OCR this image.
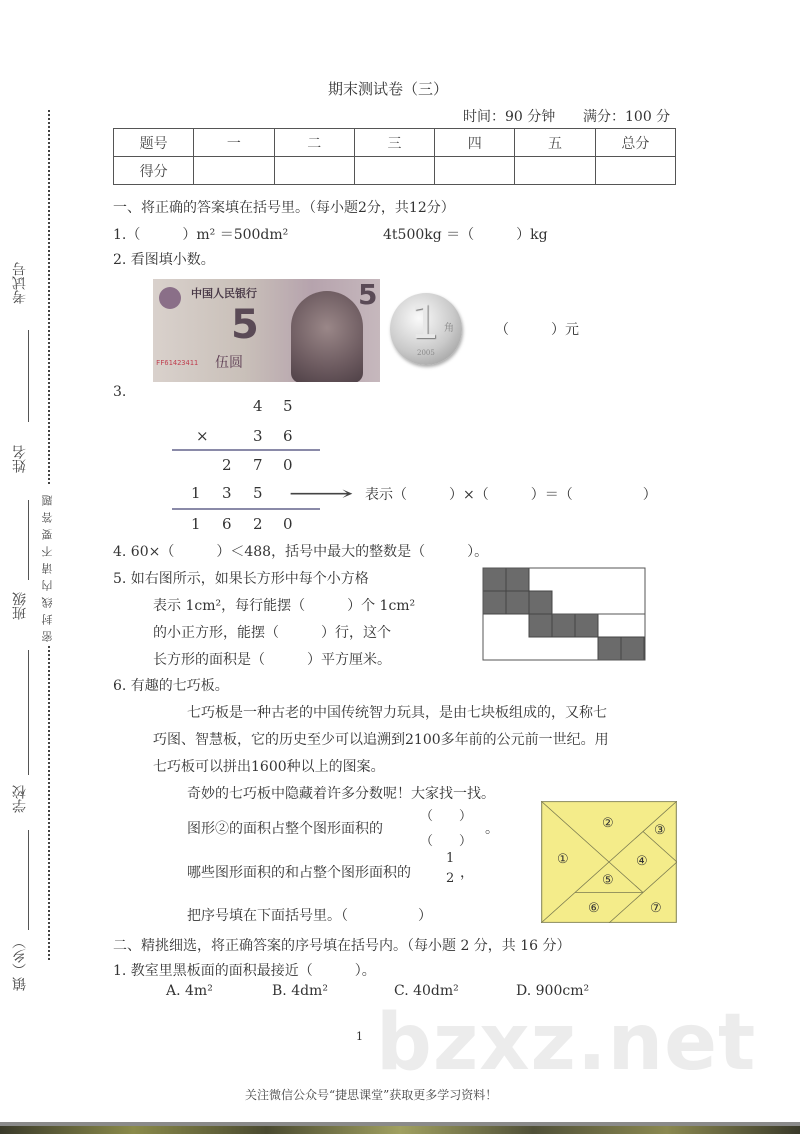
考试号
姓名
班级
学校
镇（乡）
密封线内请不要答题
期末测试卷（三）
时间：90 分钟 满分：100 分
题号	一	二	三	四	五	总分
得分						
一、将正确的答案填在括号里。（每小题2分，共12分）
1.（　　　）m² ＝500dm²	4t500kg ＝（　　　）kg
2. 看图填小数。
中国人民银行
5
5
伍圆
FF61423411
1 角
2005
（　　　）元
3.
4 5
×	3 6
2 7 0
1 3 5 ⟶ 表示（　　　）×（　　　）＝（　　　　　）
1 6 2 0
4. 60×（　　　）＜488，括号中最大的整数是（　　　）。
5. 如右图所示，如果长方形中每个小方格
表示 1cm²，每行能摆（　　　）个 1cm²
的小正方形，能摆（　　　）行，这个
长方形的面积是（　　　）平方厘米。
6. 有趣的七巧板。
七巧板是一种古老的中国传统智力玩具，是由七块板组成的，又称七
巧图、智慧板，它的历史至少可以追溯到2100多年前的公元前一世纪。用
七巧板可以拼出1600种以上的图案。
奇妙的七巧板中隐藏着许多分数呢！大家找一找。
图形②的面积占整个图形面积的
（　　）
（　　）
。
哪些图形面积的和占整个图形面积的
1
2 ，
把序号填在下面括号里。（　　　　　）
①
②	③
④
⑤
⑥	⑦
二、精挑细选，将正确答案的序号填在括号内。（每小题 2 分，共 16 分）
1. 教室里黑板面的面积最接近（　　　）。
A. 4m²	B. 4dm²	C. 40dm²	D. 900cm²
bzxz.net
1
关注微信公众号“捷思课堂”获取更多学习资料！
